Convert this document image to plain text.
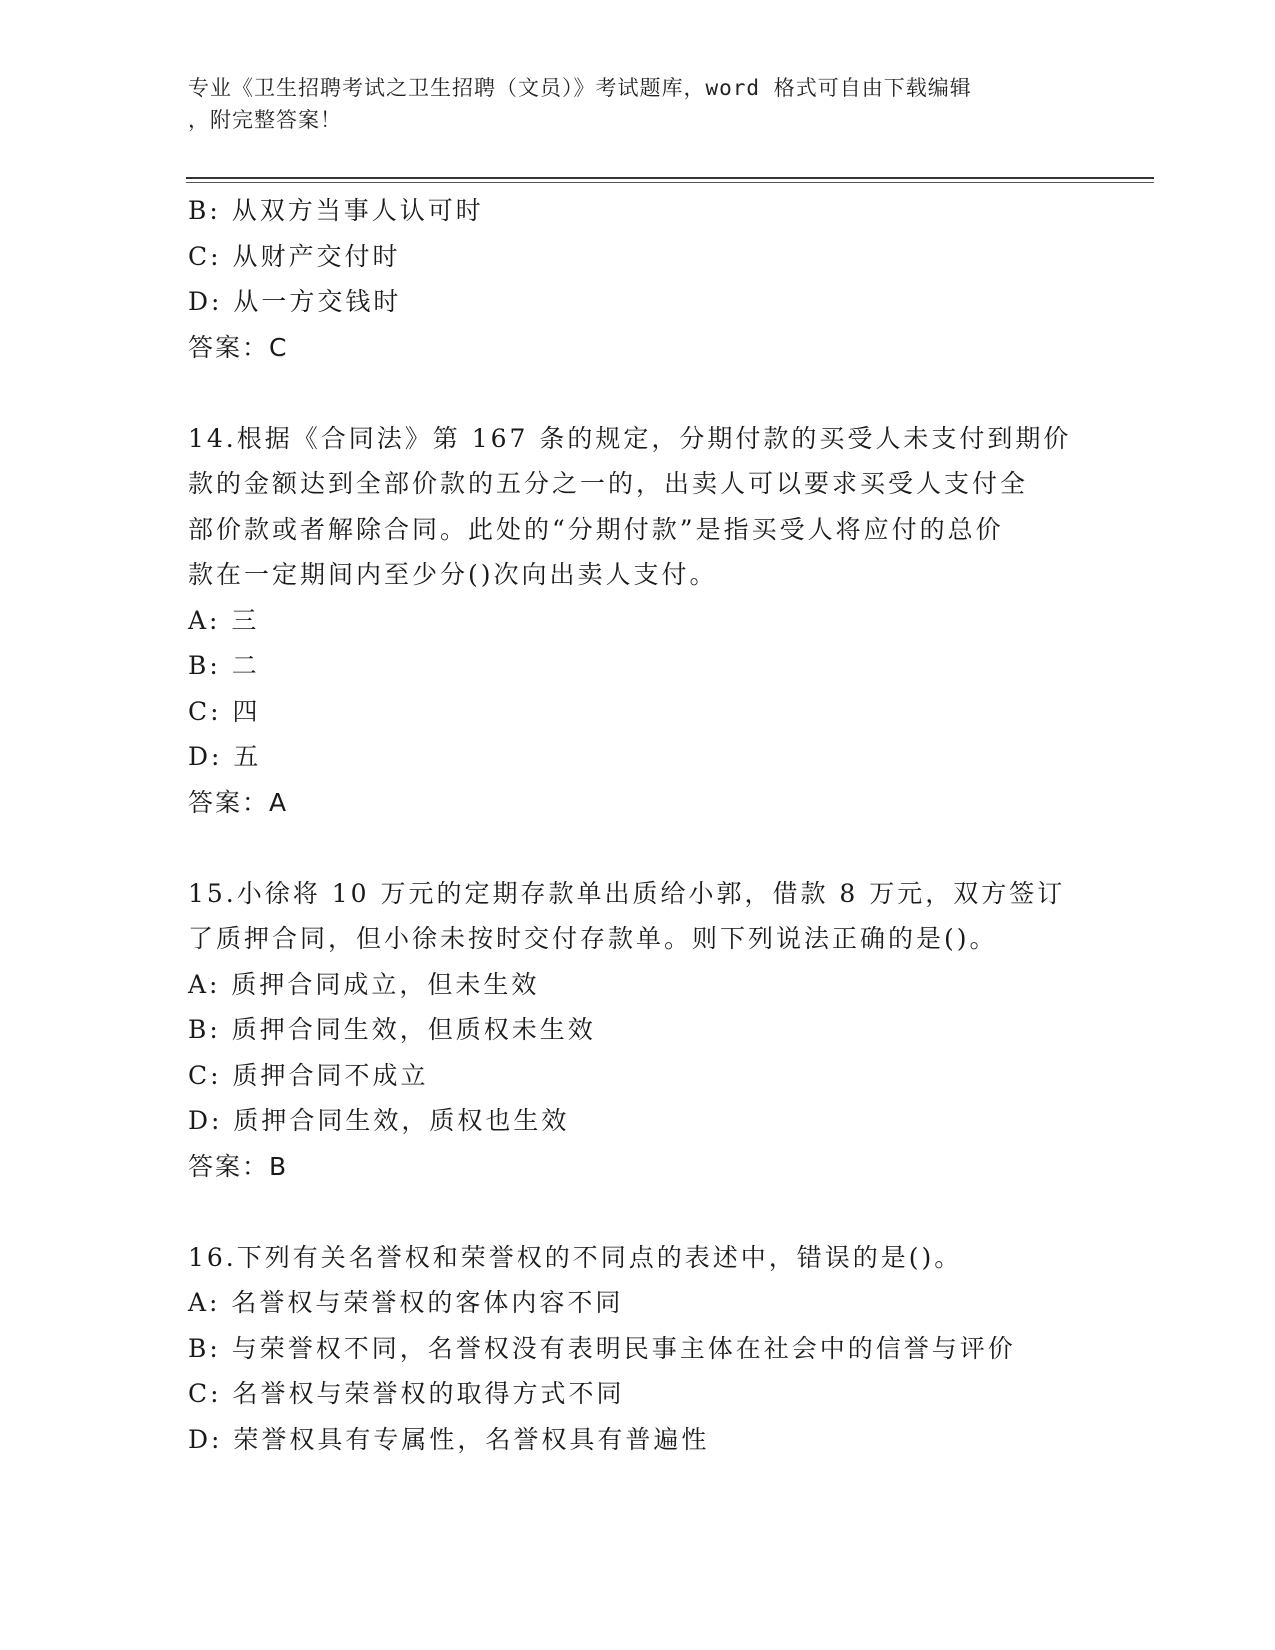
专业《卫生招聘考试之卫生招聘（文员）》考试题库，word 格式可自由下载编辑

，附完整答案！

B: 从双方当事人认可时
C: 从财产交付时
D: 从一方交钱时
答案：C
14.根据《合同法》第 167 条的规定，分期付款的买受人未支付到期价
款的金额达到全部价款的五分之一的，出卖人可以要求买受人支付全
部价款或者解除合同。此处的“分期付款”是指买受人将应付的总价
款在一定期间内至少分()次向出卖人支付。
A: 三
B: 二
C: 四
D: 五
答案：A
15.小徐将 10 万元的定期存款单出质给小郭，借款 8 万元，双方签订
了质押合同，但小徐未按时交付存款单。则下列说法正确的是()。
A: 质押合同成立，但未生效
B: 质押合同生效，但质权未生效
C: 质押合同不成立
D: 质押合同生效，质权也生效
答案：B
16.下列有关名誉权和荣誉权的不同点的表述中，错误的是()。
A: 名誉权与荣誉权的客体内容不同
B: 与荣誉权不同，名誉权没有表明民事主体在社会中的信誉与评价
C: 名誉权与荣誉权的取得方式不同
D: 荣誉权具有专属性，名誉权具有普遍性
